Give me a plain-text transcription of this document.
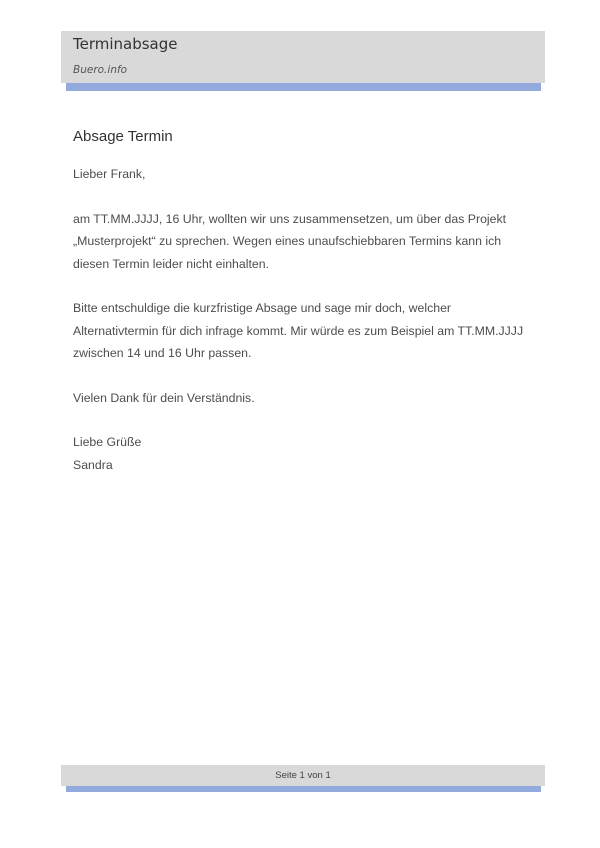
Terminabsage
Buero.info
Absage Termin

Lieber Frank,

am TT.MM.JJJJ, 16 Uhr, wollten wir uns zusammensetzen, um über das Projekt „Musterprojekt“ zu sprechen. Wegen eines unaufschiebbaren Termins kann ich diesen Termin leider nicht einhalten.

Bitte entschuldige die kurzfristige Absage und sage mir doch, welcher Alternativtermin für dich infrage kommt. Mir würde es zum Beispiel am TT.MM.JJJJ zwischen 14 und 16 Uhr passen.

Vielen Dank für dein Verständnis.

Liebe Grüße

Sandra

Seite 1 von 1
